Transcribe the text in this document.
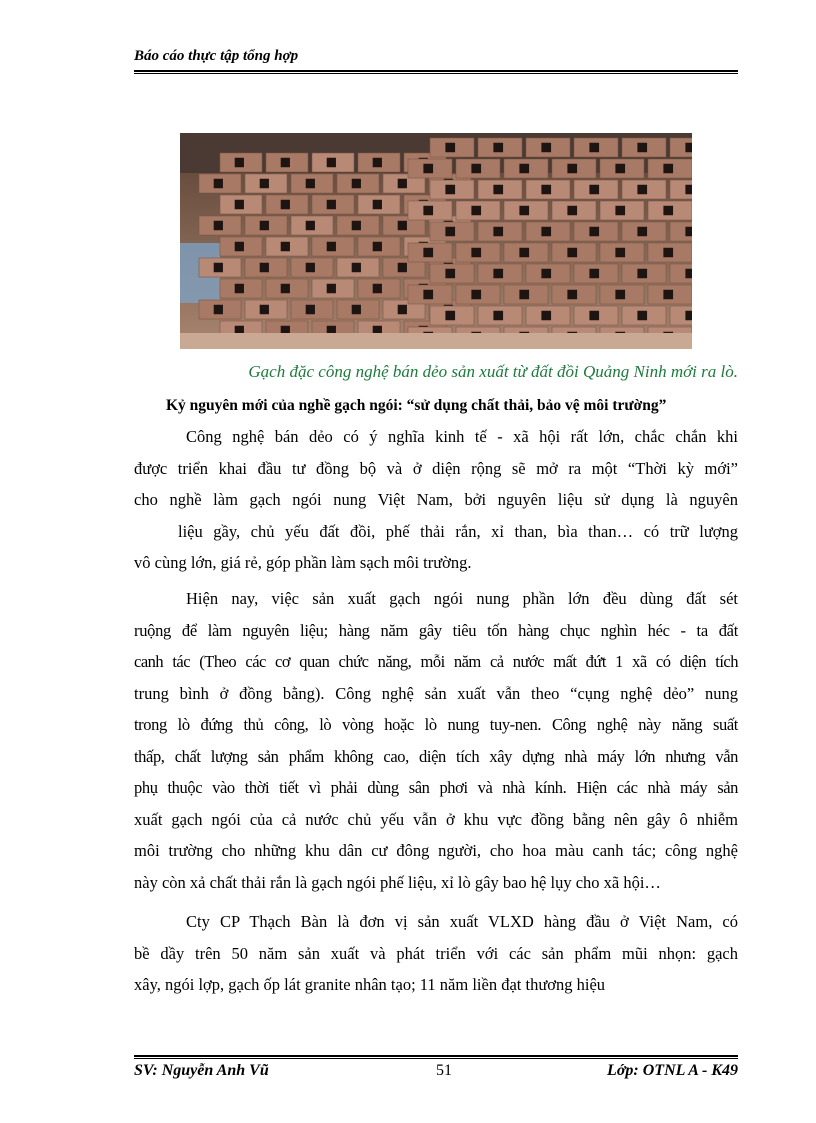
Báo cáo thực tập tổng hợp
Gạch đặc công nghệ bán dẻo sản xuất từ đất đồi Quảng Ninh mới ra lò.
Kỷ nguyên mới của nghề gạch ngói: “sử dụng chất thải, bảo vệ môi trường”
Công nghệ bán dẻo có ý nghĩa kinh tế - xã hội rất lớn, chắc chắn khi
được triển khai đầu tư đồng bộ và ở diện rộng sẽ mở ra một “Thời kỳ mới”
cho nghề làm gạch ngói nung Việt Nam, bởi nguyên liệu sử dụng là nguyên
liệu gầy, chủ yếu đất đồi, phế thải rắn, xỉ than, bìa than… có trữ lượng
vô cùng lớn, giá rẻ, góp phần làm sạch môi trường.
Hiện nay, việc sản xuất gạch ngói nung phần lớn đều dùng đất sét
ruộng để làm nguyên liệu; hàng năm gây tiêu tốn hàng chục nghìn héc - ta đất
canh tác (Theo các cơ quan chức năng, mỗi năm cả nước mất đứt 1 xã có diện tích
trung bình ở đồng bằng). Công nghệ sản xuất vẫn theo “cụng nghệ dẻo” nung
trong lò đứng thủ công, lò vòng hoặc lò nung tuy-nen. Công nghệ này năng suất
thấp, chất lượng sản phẩm không cao, diện tích xây dựng nhà máy lớn nhưng vẫn
phụ thuộc vào thời tiết vì phải dùng sân phơi và nhà kính. Hiện các nhà máy sản
xuất gạch ngói của cả nước chủ yếu vẫn ở khu vực đồng bằng nên gây ô nhiễm
môi trường cho những khu dân cư đông người, cho hoa màu canh tác; công nghệ
này còn xả chất thải rắn là gạch ngói phế liệu, xỉ lò gây bao hệ lụy cho xã hội…
Cty CP Thạch Bàn là đơn vị sản xuất VLXD hàng đầu ở Việt Nam, có
bề dầy trên 50 năm sản xuất và phát triển với các sản phẩm mũi nhọn: gạch
xây, ngói lợp, gạch ốp lát granite nhân tạo; 11 năm liền đạt thương hiệu
SV: Nguyễn Anh Vũ	51	Lớp: OTNL A - K49
